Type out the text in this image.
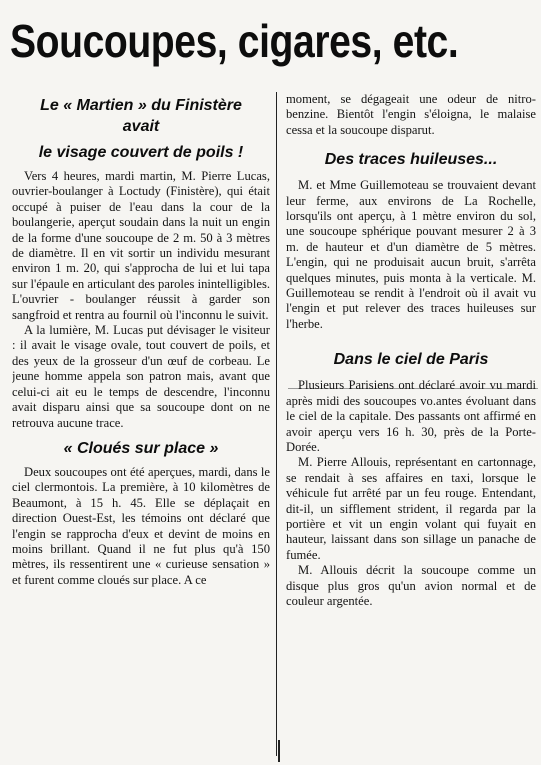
Soucoupes, cigares, etc.
Le « Martien » du Finistère
avait
le visage couvert de poils !

Vers 4 heures, mardi martin, M. Pierre Lucas, ouvrier-boulanger à Loctudy (Finistère), qui était occupé à puiser de l'eau dans la cour de la boulangerie, aperçut soudain dans la nuit un engin de la forme d'une soucoupe de 2 m. 50 à 3 mètres de diamètre. Il en vit sortir un individu mesurant environ 1 m. 20, qui s'approcha de lui et lui tapa sur l'épaule en articulant des paroles inintelligibles. L'ouvrier - boulanger réussit à garder son sangfroid et rentra au fournil où l'inconnu le suivit.

A la lumière, M. Lucas put dévisager le visiteur : il avait le visage ovale, tout couvert de poils, et des yeux de la grosseur d'un œuf de corbeau. Le jeune homme appela son patron mais, avant que celui-ci ait eu le temps de descendre, l'inconnu avait disparu ainsi que sa soucoupe dont on ne retrouva aucune trace.

« Cloués sur place »

Deux soucoupes ont été aperçues, mardi, dans le ciel clermontois. La première, à 10 kilomètres de Beaumont, à 15 h. 45. Elle se déplaçait en direction Ouest-Est, les témoins ont déclaré que l'engin se rapprocha d'eux et devint de moins en moins brillant. Quand il ne fut plus qu'à 150 mètres, ils ressentirent une « curieuse sensation » et furent comme cloués sur place. A ce

moment, se dégageait une odeur de nitro-benzine. Bientôt l'engin s'éloigna, le malaise cessa et la soucoupe disparut.

Des traces huileuses...

M. et Mme Guillemoteau se trouvaient devant leur ferme, aux environs de La Rochelle, lorsqu'ils ont aperçu, à 1 mètre environ du sol, une soucoupe sphérique pouvant mesurer 2 à 3 m. de hauteur et d'un diamètre de 5 mètres. L'engin, qui ne produisait aucun bruit, s'arrêta quelques minutes, puis monta à la verticale. M. Guillemoteau se rendit à l'endroit où il avait vu l'engin et put relever des traces huileuses sur l'herbe.

Dans le ciel de Paris

Plusieurs Parisiens ont déclaré avoir vu mardi après midi des soucoupes vo.antes évoluant dans le ciel de la capitale. Des passants ont affirmé en avoir aperçu vers 16 h. 30, près de la Porte-Dorée.

M. Pierre Allouis, représentant en cartonnage, se rendait à ses affaires en taxi, lorsque le véhicule fut arrêté par un feu rouge. Entendant, dit-il, un sifflement strident, il regarda par la portière et vit un engin volant qui fuyait en hauteur, laissant dans son sillage un panache de fumée.

M. Allouis décrit la soucoupe comme un disque plus gros qu'un avion normal et de couleur argentée.
